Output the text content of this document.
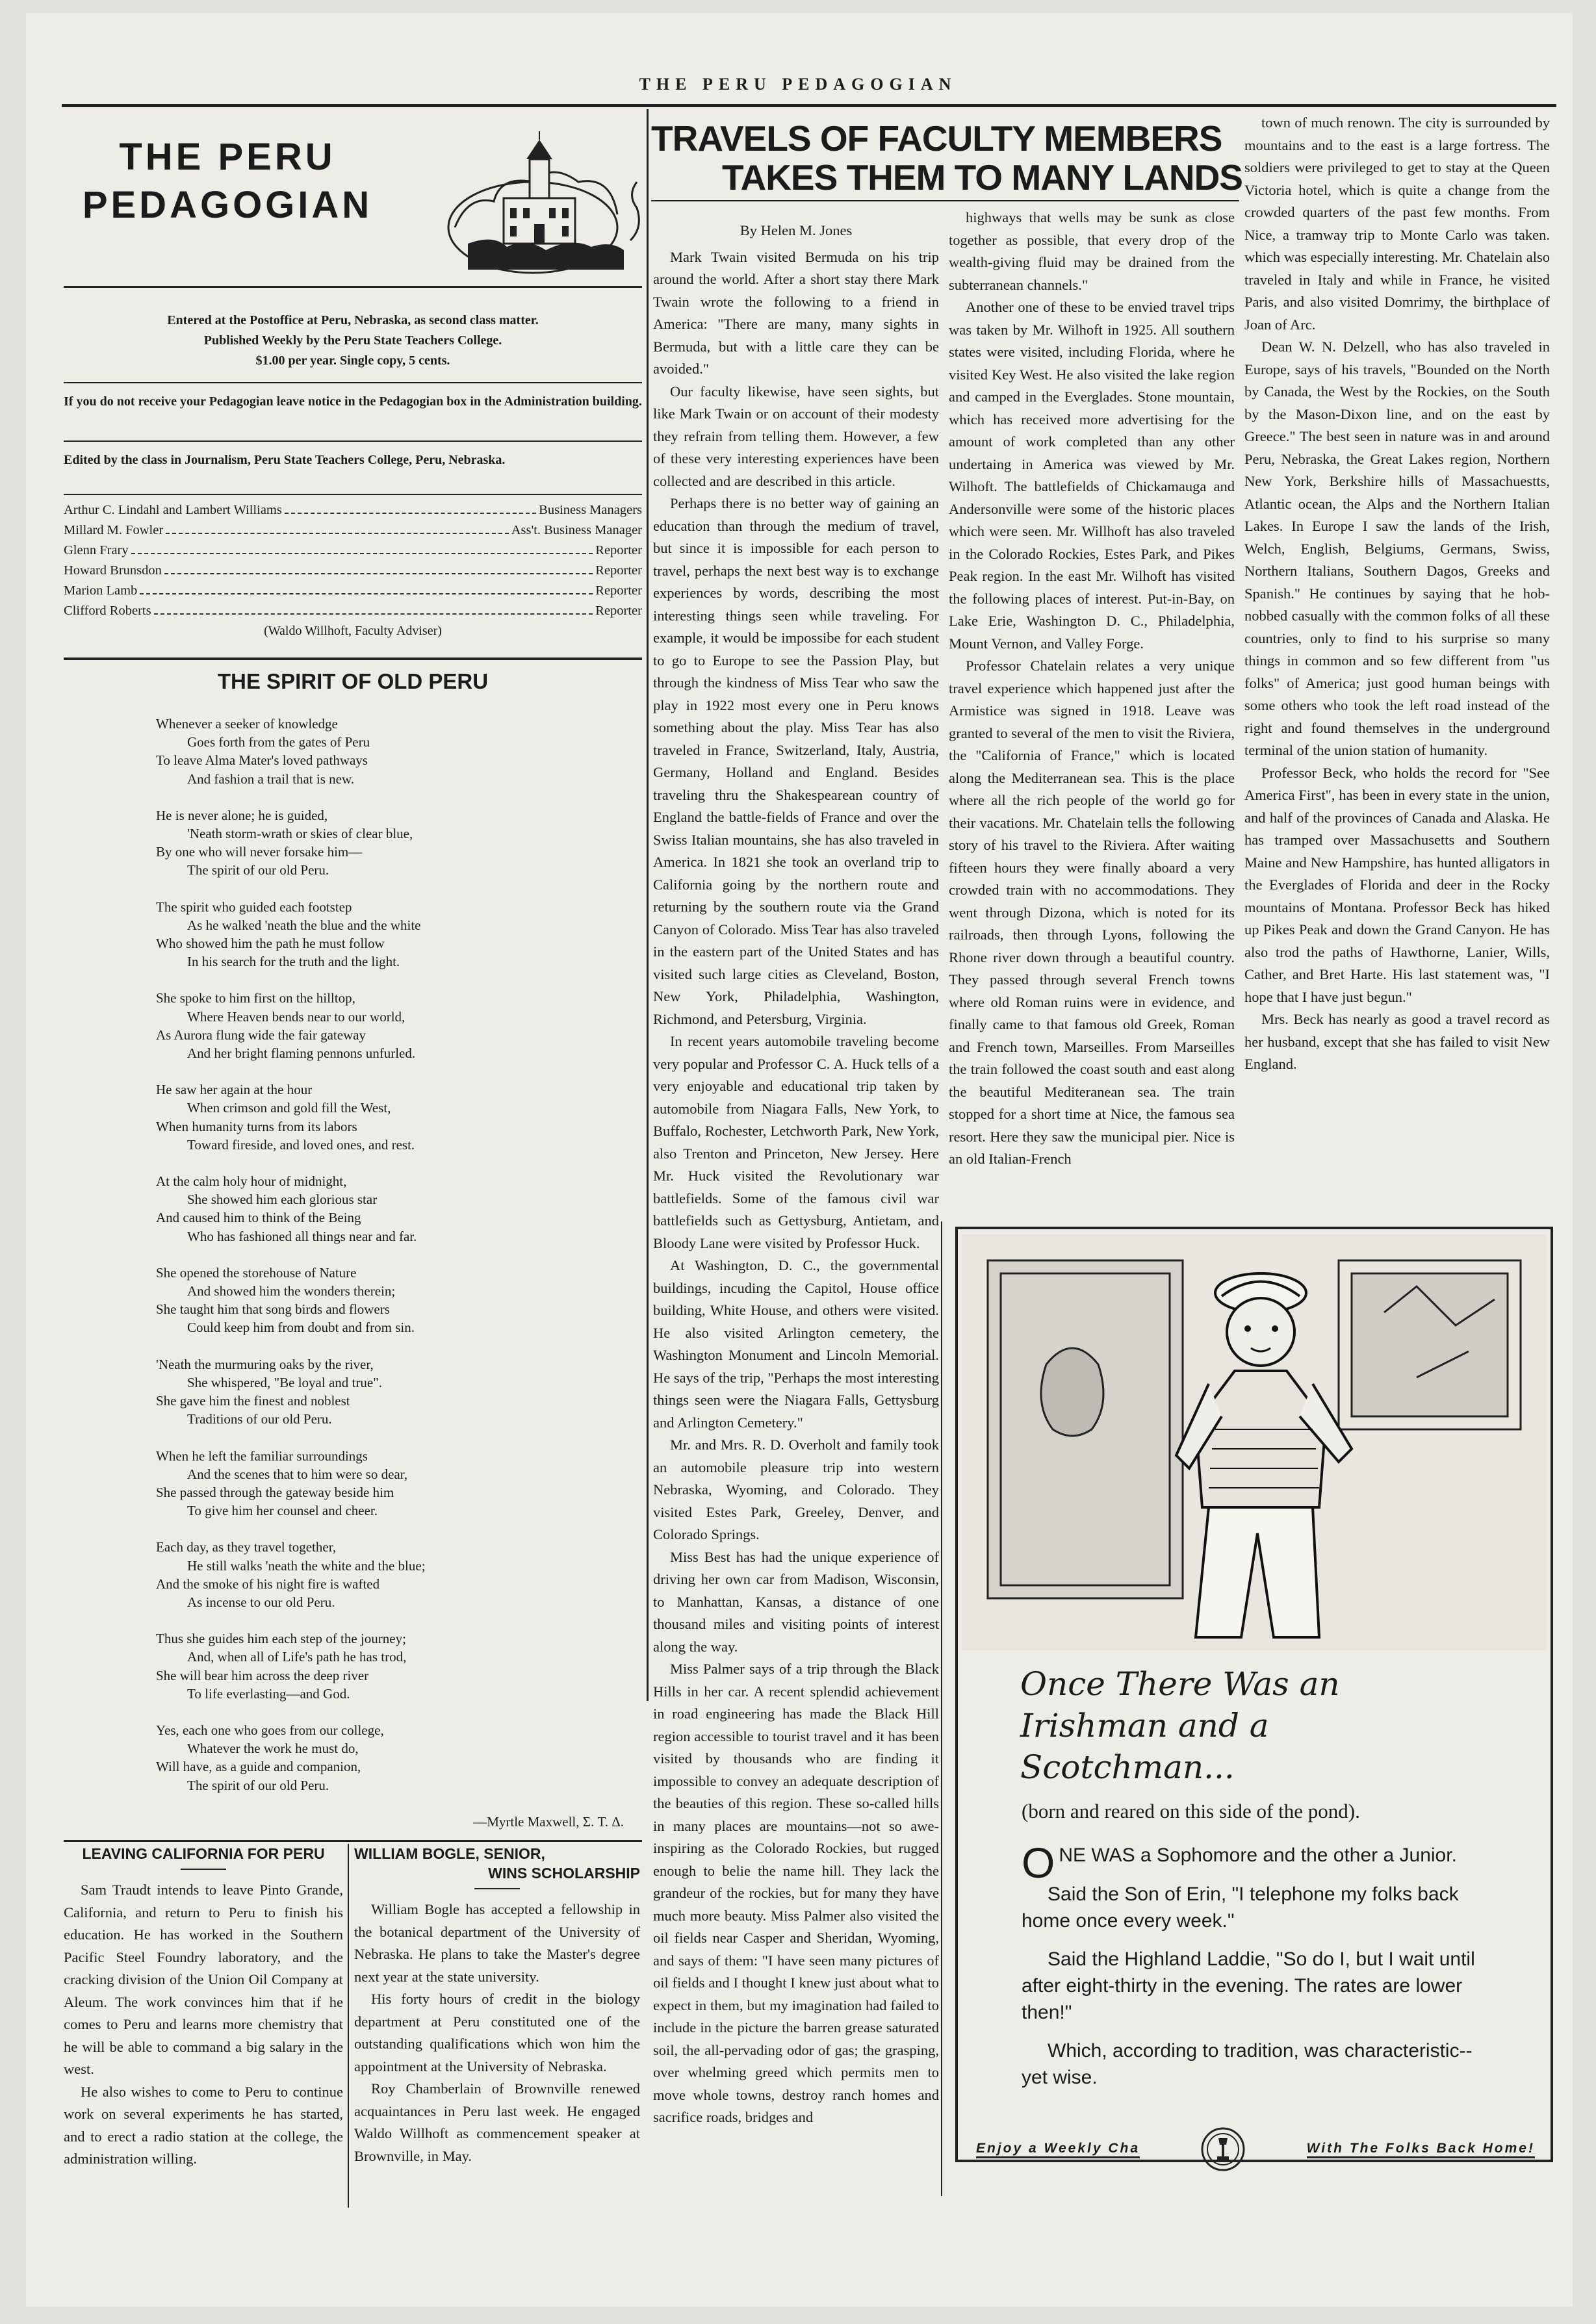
THE PERU PEDAGOGIAN
THE PERU
PEDAGOGIAN
Entered at the Postoffice at Peru, Nebraska, as second class matter.
Published Weekly by the Peru State Teachers College.
$1.00 per year. Single copy, 5 cents.
If you do not receive your Pedagogian leave notice in the Pedagogian box in the Administration building.
Edited by the class in Journalism, Peru State Teachers College, Peru, Nebraska.
Arthur C. Lindahl and Lambert Williams	Business Managers
Millard M. Fowler	Ass't. Business Manager
Glenn Frary	Reporter
Howard Brunsdon	Reporter
Marion Lamb	Reporter
Clifford Roberts	Reporter
(Waldo Willhoft, Faculty Adviser)
THE SPIRIT OF OLD PERU
Whenever a seeker of knowledge
Goes forth from the gates of Peru
To leave Alma Mater's loved pathways
And fashion a trail that is new.
He is never alone; he is guided,
'Neath storm-wrath or skies of clear blue,
By one who will never forsake him—
The spirit of our old Peru.
The spirit who guided each footstep
As he walked 'neath the blue and the white
Who showed him the path he must follow
In his search for the truth and the light.
She spoke to him first on the hilltop,
Where Heaven bends near to our world,
As Aurora flung wide the fair gateway
And her bright flaming pennons unfurled.
He saw her again at the hour
When crimson and gold fill the West,
When humanity turns from its labors
Toward fireside, and loved ones, and rest.
At the calm holy hour of midnight,
She showed him each glorious star
And caused him to think of the Being
Who has fashioned all things near and far.
She opened the storehouse of Nature
And showed him the wonders therein;
She taught him that song birds and flowers
Could keep him from doubt and from sin.
'Neath the murmuring oaks by the river,
She whispered, "Be loyal and true".
She gave him the finest and noblest
Traditions of our old Peru.
When he left the familiar surroundings
And the scenes that to him were so dear,
She passed through the gateway beside him
To give him her counsel and cheer.
Each day, as they travel together,
He still walks 'neath the white and the blue;
And the smoke of his night fire is wafted
As incense to our old Peru.
Thus she guides him each step of the journey;
And, when all of Life's path he has trod,
She will bear him across the deep river
To life everlasting—and God.
Yes, each one who goes from our college,
Whatever the work he must do,
Will have, as a guide and companion,
The spirit of our old Peru.
—Myrtle Maxwell, Σ. T. Δ.
LEAVING CALIFORNIA FOR PERU

Sam Traudt intends to leave Pinto Grande, California, and return to Peru to finish his education. He has worked in the Southern Pacific Steel Foundry laboratory, and the cracking division of the Union Oil Company at Aleum. The work convinces him that if he comes to Peru and learns more chemistry that he will be able to command a big salary in the west.

He also wishes to come to Peru to continue work on several experiments he has started, and to erect a radio station at the college, the administration willing.

WILLIAM BOGLE, SENIOR,
WINS SCHOLARSHIP

William Bogle has accepted a fellowship in the botanical department of the University of Nebraska. He plans to take the Master's degree next year at the state university.

His forty hours of credit in the biology department at Peru constituted one of the outstanding qualifications which won him the appointment at the University of Nebraska.

Roy Chamberlain of Brownville renewed acquaintances in Peru last week. He engaged Waldo Willhoft as commencement speaker at Brownville, in May.

TRAVELS OF FACULTY MEMBERS
TAKES THEM TO MANY LANDS

By Helen M. Jones

Mark Twain visited Bermuda on his trip around the world. After a short stay there Mark Twain wrote the following to a friend in America: "There are many, many sights in Bermuda, but with a little care they can be avoided."

Our faculty likewise, have seen sights, but like Mark Twain or on account of their modesty they refrain from telling them. However, a few of these very interesting experiences have been collected and are described in this article.

Perhaps there is no better way of gaining an education than through the medium of travel, but since it is impossible for each person to travel, perhaps the next best way is to exchange experiences by words, describing the most interesting things seen while traveling. For example, it would be impossibe for each student to go to Europe to see the Passion Play, but through the kindness of Miss Tear who saw the play in 1922 most every one in Peru knows something about the play. Miss Tear has also traveled in France, Switzerland, Italy, Austria, Germany, Holland and England. Besides traveling thru the Shakespearean country of England the battle-fields of France and over the Swiss Italian mountains, she has also traveled in America. In 1821 she took an overland trip to California going by the northern route and returning by the southern route via the Grand Canyon of Colorado. Miss Tear has also traveled in the eastern part of the United States and has visited such large cities as Cleveland, Boston, New York, Philadelphia, Washington, Richmond, and Petersburg, Virginia.

In recent years automobile traveling become very popular and Professor C. A. Huck tells of a very enjoyable and educational trip taken by automobile from Niagara Falls, New York, to Buffalo, Rochester, Letchworth Park, New York, also Trenton and Princeton, New Jersey. Here Mr. Huck visited the Revolutionary war battlefields. Some of the famous civil war battlefields such as Gettysburg, Antietam, and Bloody Lane were visited by Professor Huck.

At Washington, D. C., the governmental buildings, incuding the Capitol, House office building, White House, and others were visited. He also visited Arlington cemetery, the Washington Monument and Lincoln Memorial. He says of the trip, "Perhaps the most interesting things seen were the Niagara Falls, Gettysburg and Arlington Cemetery."

Mr. and Mrs. R. D. Overholt and family took an automobile pleasure trip into western Nebraska, Wyoming, and Colorado. They visited Estes Park, Greeley, Denver, and Colorado Springs.

Miss Best has had the unique experience of driving her own car from Madison, Wisconsin, to Manhattan, Kansas, a distance of one thousand miles and visiting points of interest along the way.

Miss Palmer says of a trip through the Black Hills in her car. A recent splendid achievement in road engineering has made the Black Hill region accessible to tourist travel and it has been visited by thousands who are finding it impossible to convey an adequate description of the beauties of this region. These so-called hills in many places are mountains—not so awe-inspiring as the Colorado Rockies, but rugged enough to belie the name hill. They lack the grandeur of the rockies, but for many they have much more beauty. Miss Palmer also visited the oil fields near Casper and Sheridan, Wyoming, and says of them: "I have seen many pictures of oil fields and I thought I knew just about what to expect in them, but my imagination had failed to include in the picture the barren grease saturated soil, the all-pervading odor of gas; the grasping, over whelming greed which permits men to move whole towns, destroy ranch homes and sacrifice roads, bridges and

highways that wells may be sunk as close together as possible, that every drop of the wealth-giving fluid may be drained from the subterranean channels."

Another one of these to be envied travel trips was taken by Mr. Wilhoft in 1925. All southern states were visited, including Florida, where he visited Key West. He also visited the lake region and camped in the Everglades. Stone mountain, which has received more advertising for the amount of work completed than any other undertaing in America was viewed by Mr. Wilhoft. The battlefields of Chickamauga and Andersonville were some of the historic places which were seen. Mr. Willhoft has also traveled in the Colorado Rockies, Estes Park, and Pikes Peak region. In the east Mr. Wilhoft has visited the following places of interest. Put-in-Bay, on Lake Erie, Washington D. C., Philadelphia, Mount Vernon, and Valley Forge.

Professor Chatelain relates a very unique travel experience which happened just after the Armistice was signed in 1918. Leave was granted to several of the men to visit the Riviera, the "California of France," which is located along the Mediterranean sea. This is the place where all the rich people of the world go for their vacations. Mr. Chatelain tells the following story of his travel to the Riviera. After waiting fifteen hours they were finally aboard a very crowded train with no accommodations. They went through Dizona, which is noted for its railroads, then through Lyons, following the Rhone river down through a beautiful country. They passed through several French towns where old Roman ruins were in evidence, and finally came to that famous old Greek, Roman and French town, Marseilles. From Marseilles the train followed the coast south and east along the beautiful Mediteranean sea. The train stopped for a short time at Nice, the famous sea resort. Here they saw the municipal pier. Nice is an old Italian-French

town of much renown. The city is surrounded by mountains and to the east is a large fortress. The soldiers were privileged to get to stay at the Queen Victoria hotel, which is quite a change from the crowded quarters of the past few months. From Nice, a tramway trip to Monte Carlo was taken. which was especially interesting. Mr. Chatelain also traveled in Italy and while in France, he visited Paris, and also visited Domrimy, the birthplace of Joan of Arc.

Dean W. N. Delzell, who has also traveled in Europe, says of his travels, "Bounded on the North by Canada, the West by the Rockies, on the South by the Mason-Dixon line, and on the east by Greece." The best seen in nature was in and around Peru, Nebraska, the Great Lakes region, Northern New York, Berkshire hills of Massachuestts, Atlantic ocean, the Alps and the Northern Italian Lakes. In Europe I saw the lands of the Irish, Welch, English, Belgiums, Germans, Swiss, Northern Italians, Southern Dagos, Greeks and Spanish." He continues by saying that he hob-nobbed casually with the common folks of all these countries, only to find to his surprise so many things in common and so few different from "us folks" of America; just good human beings with some others who took the left road instead of the right and found themselves in the underground terminal of the union station of humanity.

Professor Beck, who holds the record for "See America First", has been in every state in the union, and half of the provinces of Canada and Alaska. He has tramped over Massachusetts and Southern Maine and New Hampshire, has hunted alligators in the Everglades of Florida and deer in the Rocky mountains of Montana. Professor Beck has hiked up Pikes Peak and down the Grand Canyon. He has also trod the paths of Hawthorne, Lanier, Wills, Cather, and Bret Harte. His last statement was, "I hope that I have just begun."

Mrs. Beck has nearly as good a travel record as her husband, except that she has failed to visit New England.

Once There Was an
Irishman and a
Scotchman...
(born and reared on this side of the pond).

ONE WAS a Sophomore and the other a Junior.

Said the Son of Erin, "I telephone my folks back home once every week."

Said the Highland Laddie, "So do I, but I wait until after eight-thirty in the evening. The rates are lower then!"

Which, according to tradition, was characteristic--yet wise.

Enjoy a Weekly Cha	With The Folks Back Home!
